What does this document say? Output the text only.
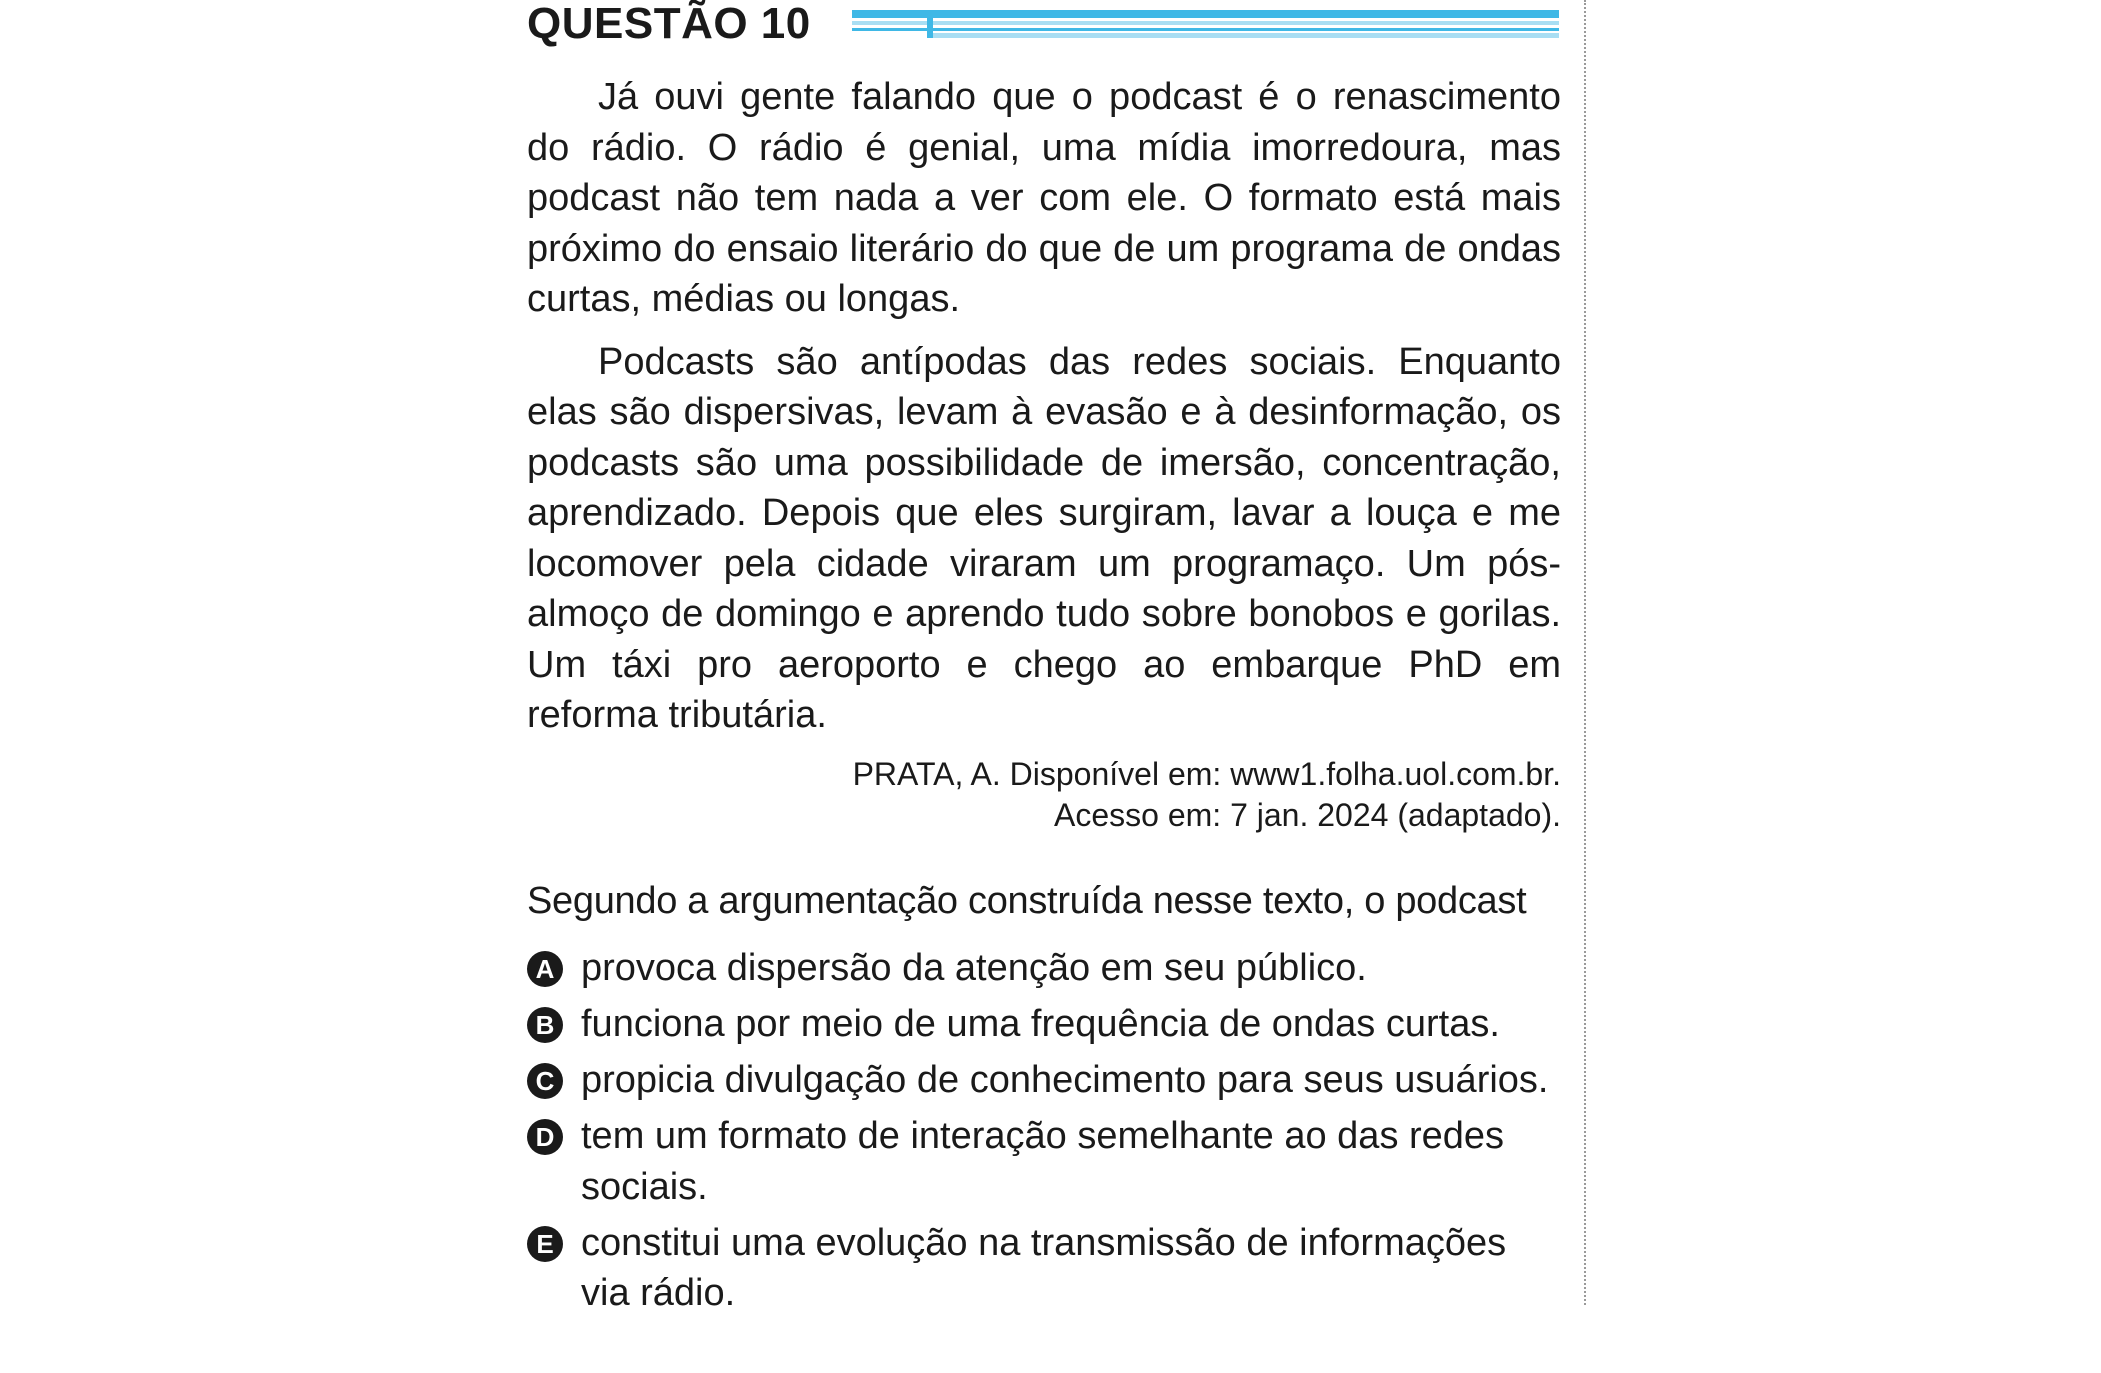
QUESTÃO 10

Já ouvi gente falando que o podcast é o renascimento do rádio. O rádio é genial, uma mídia imorredoura, mas podcast não tem nada a ver com ele. O formato está mais próximo do ensaio literário do que de um programa de ondas curtas, médias ou longas.

Podcasts são antípodas das redes sociais. Enquanto elas são dispersivas, levam à evasão e à desinformação, os podcasts são uma possibilidade de imersão, concentração, aprendizado. Depois que eles surgiram, lavar a louça e me locomover pela cidade viraram um programaço. Um pós-almoço de domingo e aprendo tudo sobre bonobos e gorilas. Um táxi pro aeroporto e chego ao embarque PhD em reforma tributária.

PRATA, A. Disponível em: www1.folha.uol.com.br.
Acesso em: 7 jan. 2024 (adaptado).
Segundo a argumentação construída nesse texto, o podcast
A provoca dispersão da atenção em seu público.
B funciona por meio de uma frequência de ondas curtas.
C propicia divulgação de conhecimento para seus usuários.
D tem um formato de interação semelhante ao das redes sociais.
E constitui uma evolução na transmissão de informações via rádio.
